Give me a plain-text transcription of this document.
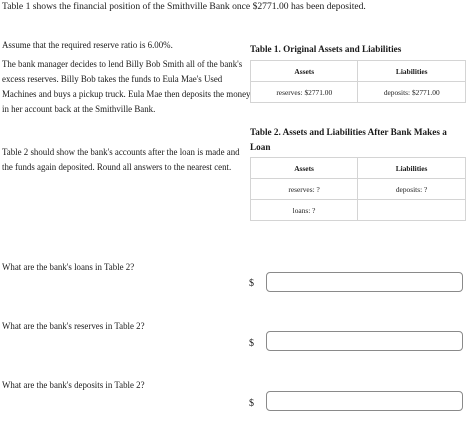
Table 1 shows the financial position of the Smithville Bank once $2771.00 has been deposited.
Assume that the required reserve ratio is 6.00%.
The bank manager decides to lend Billy Bob Smith all of the bank's excess reserves. Billy Bob takes the funds to Eula Mae's Used Machines and buys a pickup truck. Eula Mae then deposits the money in her account back at the Smithville Bank.
Table 2 should show the bank's accounts after the loan is made and the funds again deposited. Round all answers to the nearest cent.
Table 1. Original Assets and Liabilities
Assets	Liabilities
reserves: $2771.00	deposits: $2771.00
Table 2. Assets and Liabilities After Bank Makes a Loan
Assets	Liabilities
reserves: ?	deposits: ?
loans: ?	
What are the bank's loans in Table 2?
$
What are the bank's reserves in Table 2?
$
What are the bank's deposits in Table 2?
$
